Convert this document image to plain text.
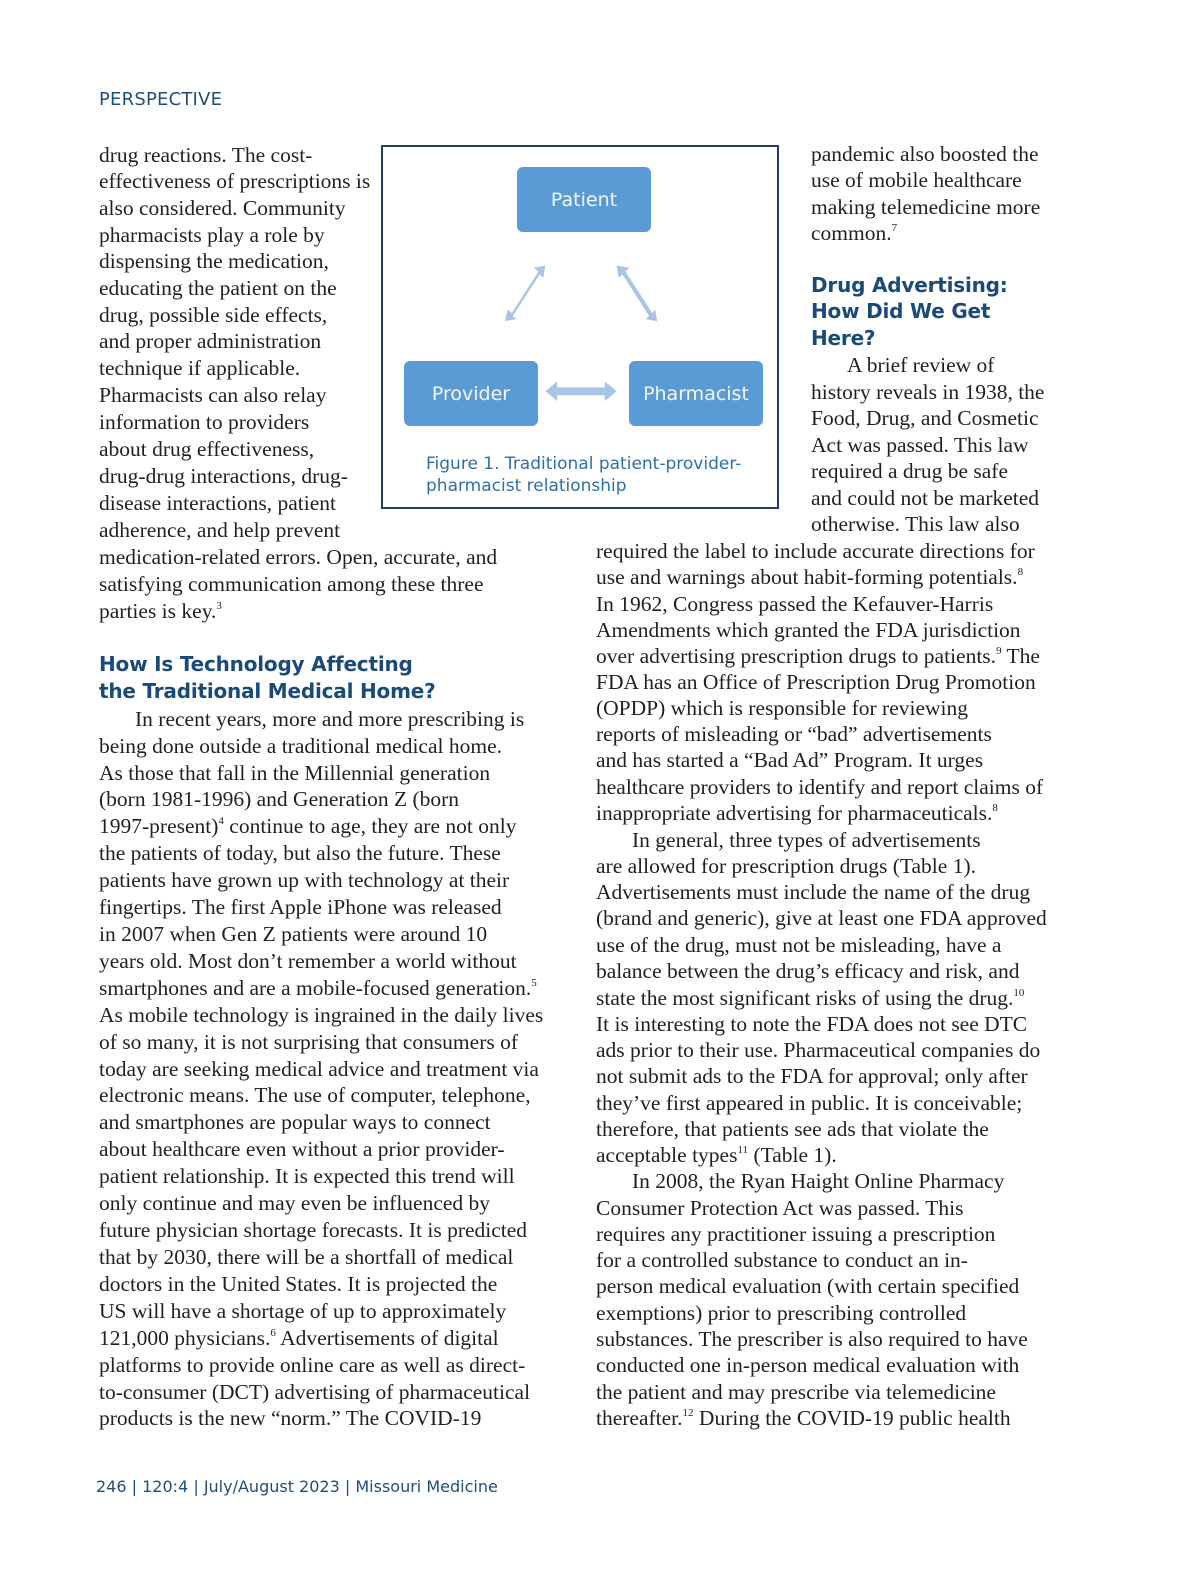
PERSPECTIVE
drug reactions. The cost-
effectiveness of prescriptions is
also considered. Community
pharmacists play a role by
dispensing the medication,
educating the patient on the
drug, possible side effects,
and proper administration
technique if applicable.
Pharmacists can also relay
information to providers
about drug effectiveness,
drug-drug interactions, drug-
disease interactions, patient
adherence, and help prevent
medication-related errors. Open, accurate, and
satisfying communication among these three
parties is key.$^3$
How Is Technology Affecting
the Traditional Medical Home?
In recent years, more and more prescribing is
being done outside a traditional medical home.
As those that fall in the Millennial generation
(born 1981-1996) and Generation Z (born
1997-present)$^4$ continue to age, they are not only
the patients of today, but also the future. These
patients have grown up with technology at their
fingertips. The first Apple iPhone was released
in 2007 when Gen Z patients were around 10
years old. Most don’t remember a world without
smartphones and are a mobile-focused generation.$^5$
As mobile technology is ingrained in the daily lives
of so many, it is not surprising that consumers of
today are seeking medical advice and treatment via
electronic means. The use of computer, telephone,
and smartphones are popular ways to connect
about healthcare even without a prior provider-
patient relationship. It is expected this trend will
only continue and may even be influenced by
future physician shortage forecasts. It is predicted
that by 2030, there will be a shortfall of medical
doctors in the United States. It is projected the
US will have a shortage of up to approximately
121,000 physicians.$^6$ Advertisements of digital
platforms to provide online care as well as direct-
to-consumer (DCT) advertising of pharmaceutical
products is the new “norm.” The COVID-19
Patient
Provider	Pharmacist
Figure 1. Traditional patient-provider-
pharmacist relationship
pandemic also boosted the
use of mobile healthcare
making telemedicine more
common.$^7$
Drug Advertising:
How Did We Get
Here?
A brief review of
history reveals in 1938, the
Food, Drug, and Cosmetic
Act was passed. This law
required a drug be safe
and could not be marketed
otherwise. This law also
required the label to include accurate directions for
use and warnings about habit-forming potentials.$^8$
In 1962, Congress passed the Kefauver-Harris
Amendments which granted the FDA jurisdiction
over advertising prescription drugs to patients.$^9$ The
FDA has an Office of Prescription Drug Promotion
(OPDP) which is responsible for reviewing
reports of misleading or “bad” advertisements
and has started a “Bad Ad” Program. It urges
healthcare providers to identify and report claims of
inappropriate advertising for pharmaceuticals.$^8$
In general, three types of advertisements
are allowed for prescription drugs (Table 1).
Advertisements must include the name of the drug
(brand and generic), give at least one FDA approved
use of the drug, must not be misleading, have a
balance between the drug’s efficacy and risk, and
state the most significant risks of using the drug.$^{10}$
It is interesting to note the FDA does not see DTC
ads prior to their use. Pharmaceutical companies do
not submit ads to the FDA for approval; only after
they’ve first appeared in public. It is conceivable;
therefore, that patients see ads that violate the
acceptable types$^{11}$ (Table 1).
In 2008, the Ryan Haight Online Pharmacy
Consumer Protection Act was passed. This
requires any practitioner issuing a prescription
for a controlled substance to conduct an in-
person medical evaluation (with certain specified
exemptions) prior to prescribing controlled
substances. The prescriber is also required to have
conducted one in-person medical evaluation with
the patient and may prescribe via telemedicine
thereafter.$^{12}$ During the COVID-19 public health
246 | 120:4 | July/August 2023 | Missouri Medicine
